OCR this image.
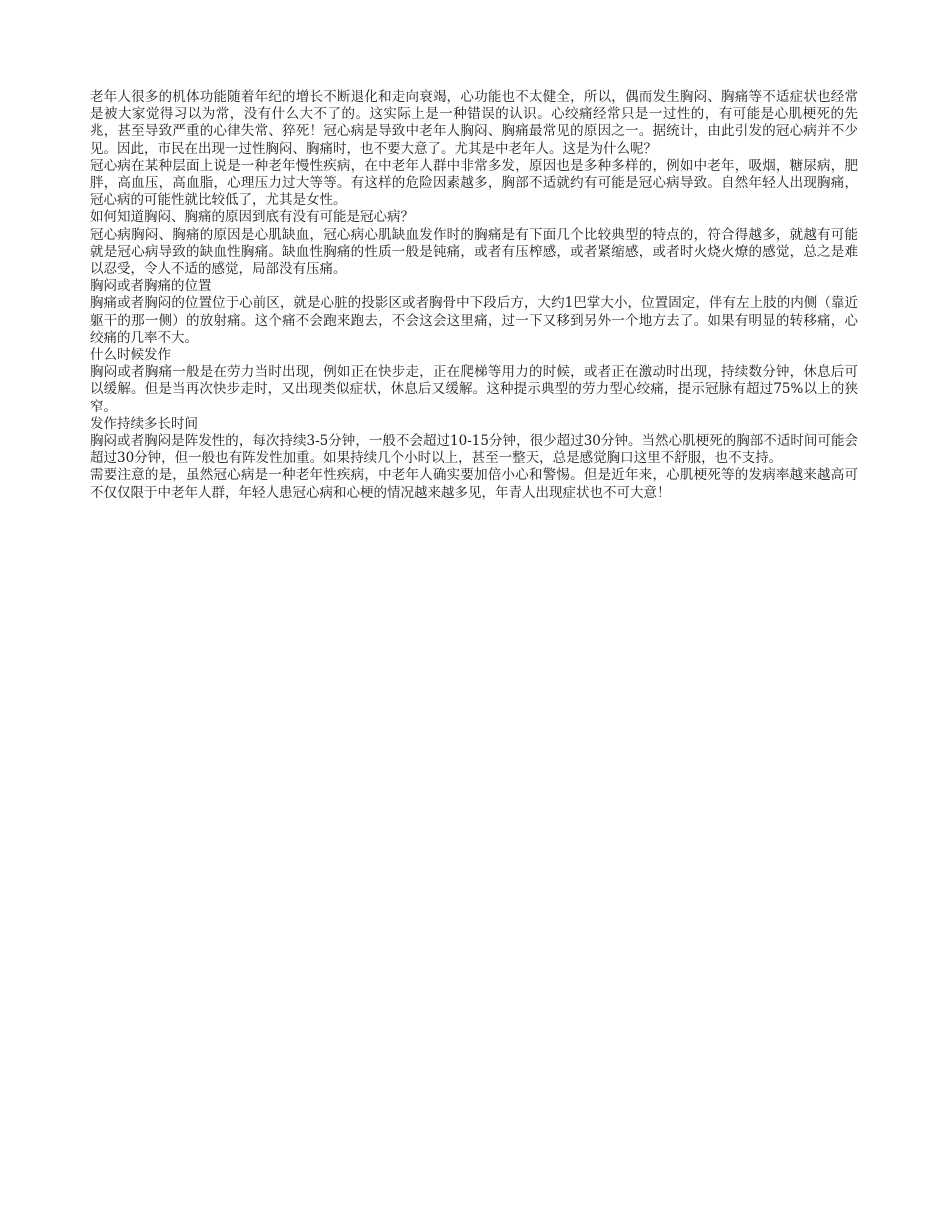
老年人很多的机体功能随着年纪的增长不断退化和走向衰竭，心功能也不太健全，所以，偶而发生胸闷、胸痛等不适症状也经常是被大家觉得习以为常，没有什么大不了的。这实际上是一种错误的认识。心绞痛经常只是一过性的，有可能是心肌梗死的先兆，甚至导致严重的心律失常、猝死！冠心病是导致中老年人胸闷、胸痛最常见的原因之一。据统计，由此引发的冠心病并不少见。因此，市民在出现一过性胸闷、胸痛时，也不要大意了。尤其是中老年人。这是为什么呢？

冠心病在某种层面上说是一种老年慢性疾病，在中老年人群中非常多发，原因也是多种多样的，例如中老年，吸烟，糖尿病，肥胖，高血压，高血脂，心理压力过大等等。有这样的危险因素越多，胸部不适就约有可能是冠心病导致。自然年轻人出现胸痛，冠心病的可能性就比较低了，尤其是女性。

如何知道胸闷、胸痛的原因到底有没有可能是冠心病？

冠心病胸闷、胸痛的原因是心肌缺血，冠心病心肌缺血发作时的胸痛是有下面几个比较典型的特点的，符合得越多，就越有可能就是冠心病导致的缺血性胸痛。缺血性胸痛的性质一般是钝痛，或者有压榨感，或者紧缩感，或者时火烧火燎的感觉，总之是难以忍受，令人不适的感觉，局部没有压痛。

胸闷或者胸痛的位置

胸痛或者胸闷的位置位于心前区，就是心脏的投影区或者胸骨中下段后方，大约1巴掌大小，位置固定，伴有左上肢的内侧（靠近躯干的那一侧）的放射痛。这个痛不会跑来跑去，不会这会这里痛，过一下又移到另外一个地方去了。如果有明显的转移痛，心绞痛的几率不大。

什么时候发作

胸闷或者胸痛一般是在劳力当时出现，例如正在快步走，正在爬梯等用力的时候，或者正在激动时出现，持续数分钟，休息后可以缓解。但是当再次快步走时，又出现类似症状，休息后又缓解。这种提示典型的劳力型心绞痛，提示冠脉有超过75%以上的狭窄。

发作持续多长时间

胸闷或者胸闷是阵发性的，每次持续3-5分钟，一般不会超过10-15分钟，很少超过30分钟。当然心肌梗死的胸部不适时间可能会超过30分钟，但一般也有阵发性加重。如果持续几个小时以上，甚至一整天，总是感觉胸口这里不舒服，也不支持。

需要注意的是，虽然冠心病是一种老年性疾病，中老年人确实要加倍小心和警惕。但是近年来，心肌梗死等的发病率越来越高可不仅仅限于中老年人群，年轻人患冠心病和心梗的情况越来越多见，年青人出现症状也不可大意！
